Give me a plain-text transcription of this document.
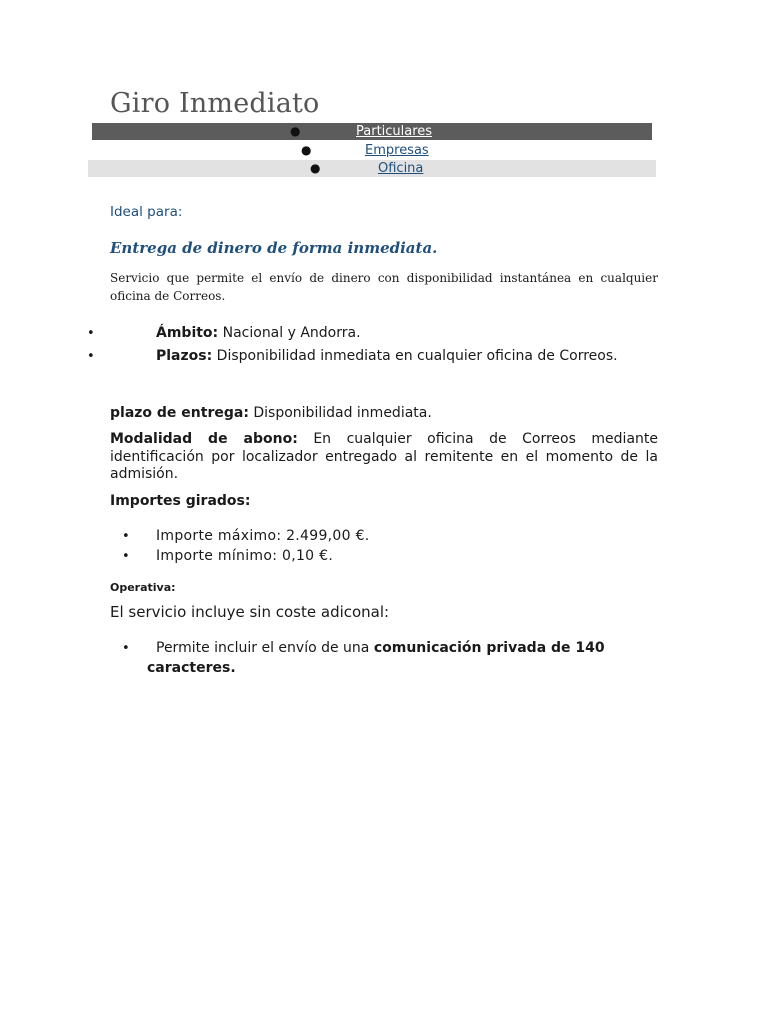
Giro Inmediato
●	Particulares
●	Empresas
●	Oficina
Ideal para:
Entrega de dinero de forma inmediata.

Servicio que permite el envío de dinero con disponibilidad instantánea en cualquier oficina de Correos.

•	Ámbito: Nacional y Andorra.
•	Plazos: Disponibilidad inmediata en cualquier oficina de Correos.
plazo de entrega: Disponibilidad inmediata.
Modalidad de abono: En cualquier oficina de Correos mediante identificación por localizador entregado al remitente en el momento de la admisión.
Importes girados:
• Importe máximo: 2.499,00 €.
• Importe mínimo: 0,10 €.
Operativa:
El servicio incluye sin coste adiconal:
•	Permite incluir el envío de una comunicación privada de 140 caracteres.
